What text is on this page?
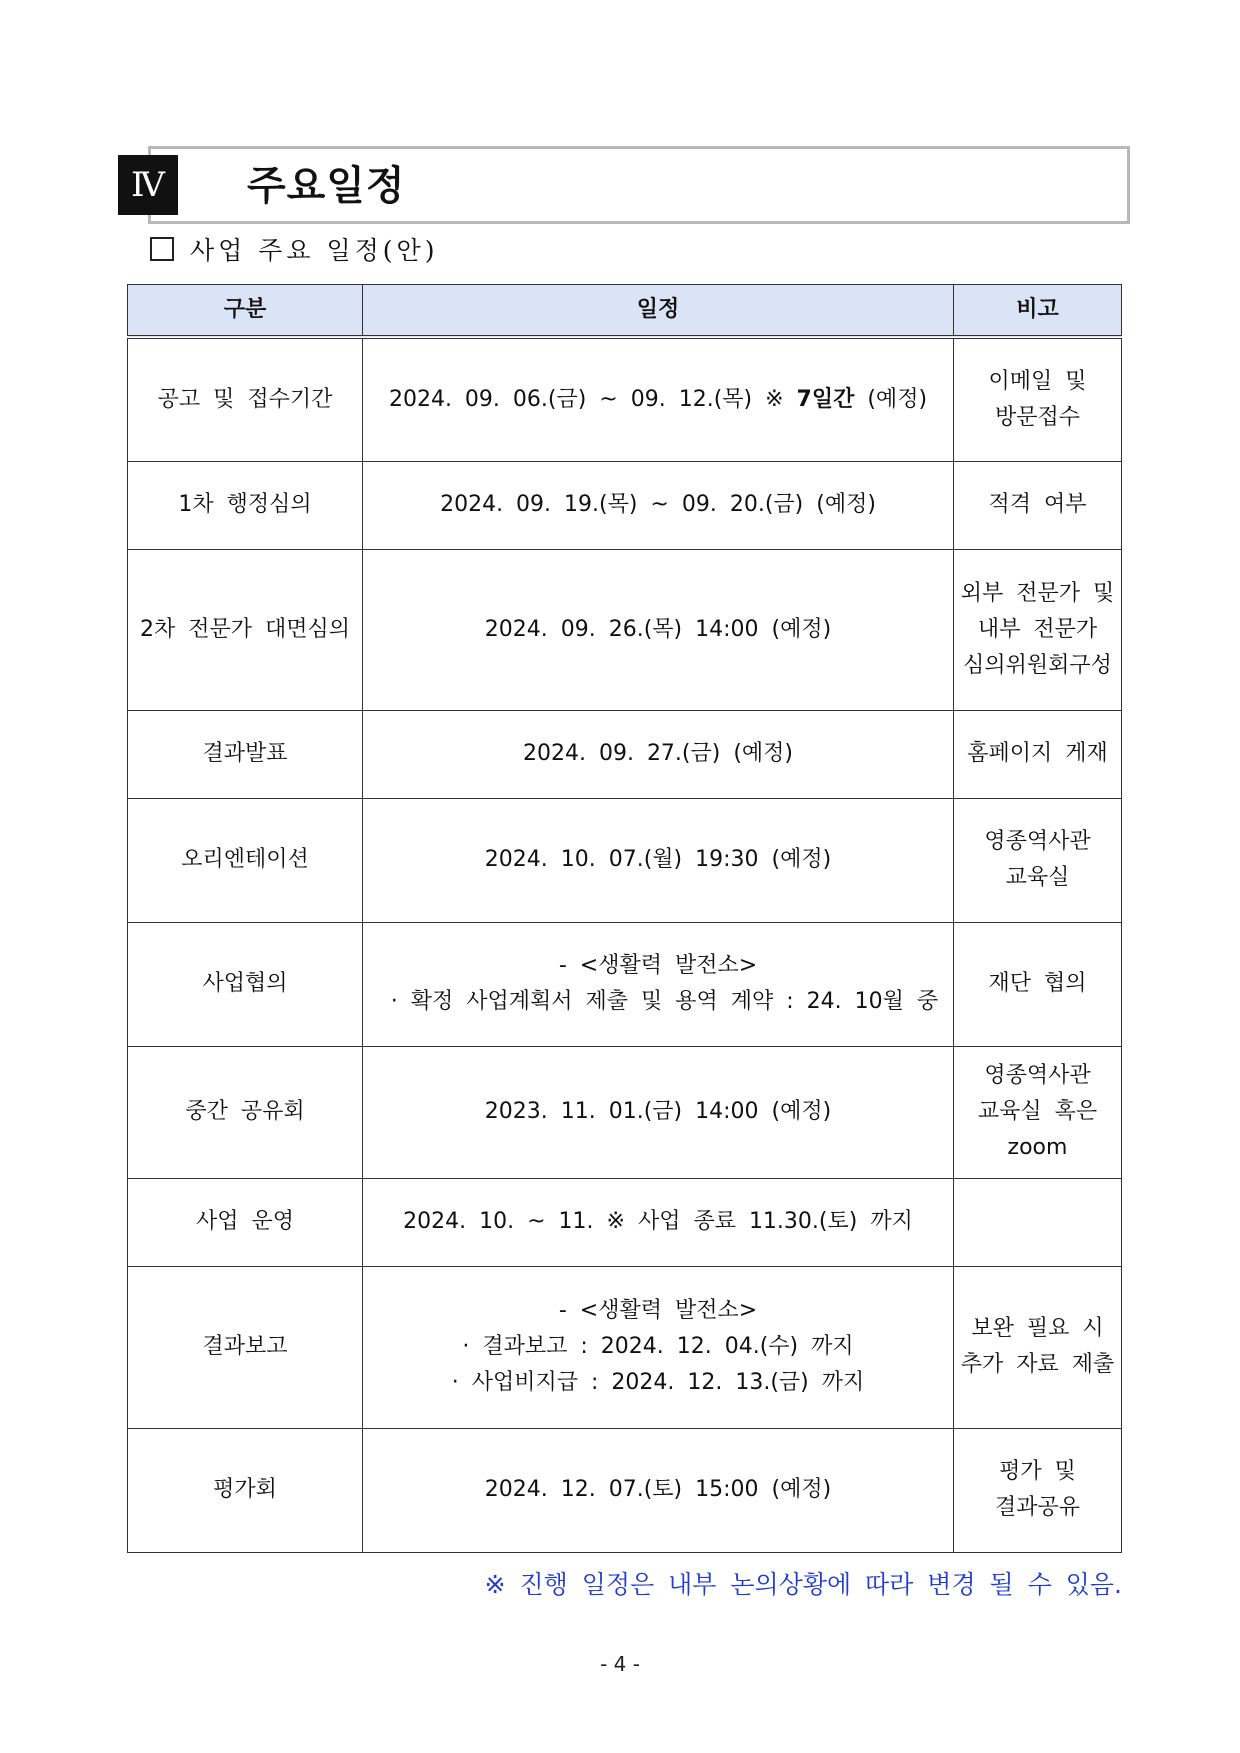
주요일정
Ⅳ
사업 주요 일정(안)
구분	일정	비고
공고 및 접수기간	2024. 09. 06.(금) ~ 09. 12.(목) ※ 7일간 (예정)	이메일 및
방문접수

1차 행정심의	2024. 09. 19.(목) ~ 09. 20.(금) (예정)	적격 여부

2차 전문가 대면심의	2024. 09. 26.(목) 14:00 (예정)	외부 전문가 및
내부 전문가
심의위원회구성

결과발표	2024. 09. 27.(금) (예정)	홈페이지 게재

오리엔테이션	2024. 10. 07.(월) 19:30 (예정)	영종역사관
교육실

사업협의	- <생활력 발전소>
· 확정 사업계획서 제출 및 용역 계약 : 24. 10월 중	재단 협의

중간 공유회	2023. 11. 01.(금) 14:00 (예정)	영종역사관
교육실 혹은
zoom

사업 운영	2024. 10. ~ 11. ※ 사업 종료 11.30.(토) 까지	
결과보고	- <생활력 발전소>
· 결과보고 : 2024. 12. 04.(수) 까지
· 사업비지급 : 2024. 12. 13.(금) 까지	보완 필요 시
추가 자료 제출

평가회	2024. 12. 07.(토) 15:00 (예정)	평가 및
결과공유
※ 진행 일정은 내부 논의상황에 따라 변경 될 수 있음.
- 4 -
